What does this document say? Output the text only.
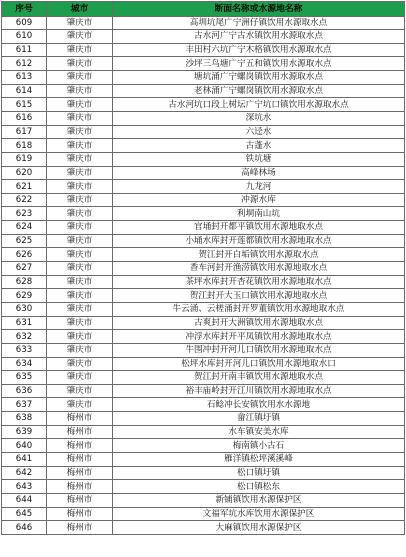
序号	城市	断面名称或水源地名称
609	肇庆市	高圳坑尾广宁洲仔镇饮用水源取水点
610	肇庆市	古水河广宁古水镇饮用水源取水点
611	肇庆市	丰田村六坑广宁木格镇饮用水源取水点
612	肇庆市	沙坪三鸟塘广宁五和镇饮用水源取水点
613	肇庆市	塘坑涌广宁螺岗镇饮用水源取水点
614	肇庆市	老林涌广宁螺岗镇饮用水源取水点
615	肇庆市	古水河坑口段上树坛广宁坑口镇饮用水源取水点
616	肇庆市	深坑水
617	肇庆市	六迳水
618	肇庆市	古蓬水
619	肇庆市	铁坑塘
620	肇庆市	高峰林场
621	肇庆市	九龙河
622	肇庆市	冲源水库
623	肇庆市	利垌南山坑
624	肇庆市	官埇封开都平镇饮用水源地取水点
625	肇庆市	小埇水库封开莲都镇饮用水源地取水点
626	肇庆市	贺江封开白垢镇饮用水源取水点
627	肇庆市	香车河封开渔涝镇饮用水源地取水点
628	肇庆市	茶坪水库封开杏花镇饮用水源地取水点
629	肇庆市	贺江封开大玉口镇饮用水源地取水点
630	肇庆市	牛云涌、云槎涌封开罗董镇饮用水源地取水点
631	肇庆市	古爽封开大洲镇饮用水源地取水点
632	肇庆市	冲浮水库封开平凤镇饮用水源地取水点
633	肇庆市	牛围冲封开河儿口镇饮用水源地取水点
634	肇庆市	松坪水库封开河儿口镇饮用水源地取水口
635	肇庆市	贺江封开南丰镇饮用水源地取水点
636	肇庆市	裕丰庙岭封开江川镇饮用水源地取水点
637	肇庆市	石鲶冲长安镇饮用水水源地
638	梅州市	畲江镇圩镇
639	梅州市	水车镇安美水库
640	梅州市	梅南镇小古石
641	梅州市	雁洋镇松坪溪溪峰
642	梅州市	松口镇圩镇
643	梅州市	松口镇松东
644	梅州市	新铺镇饮用水源保护区
645	梅州市	文福军坑水库饮用水源保护区
646	梅州市	大麻镇饮用水源保护区
